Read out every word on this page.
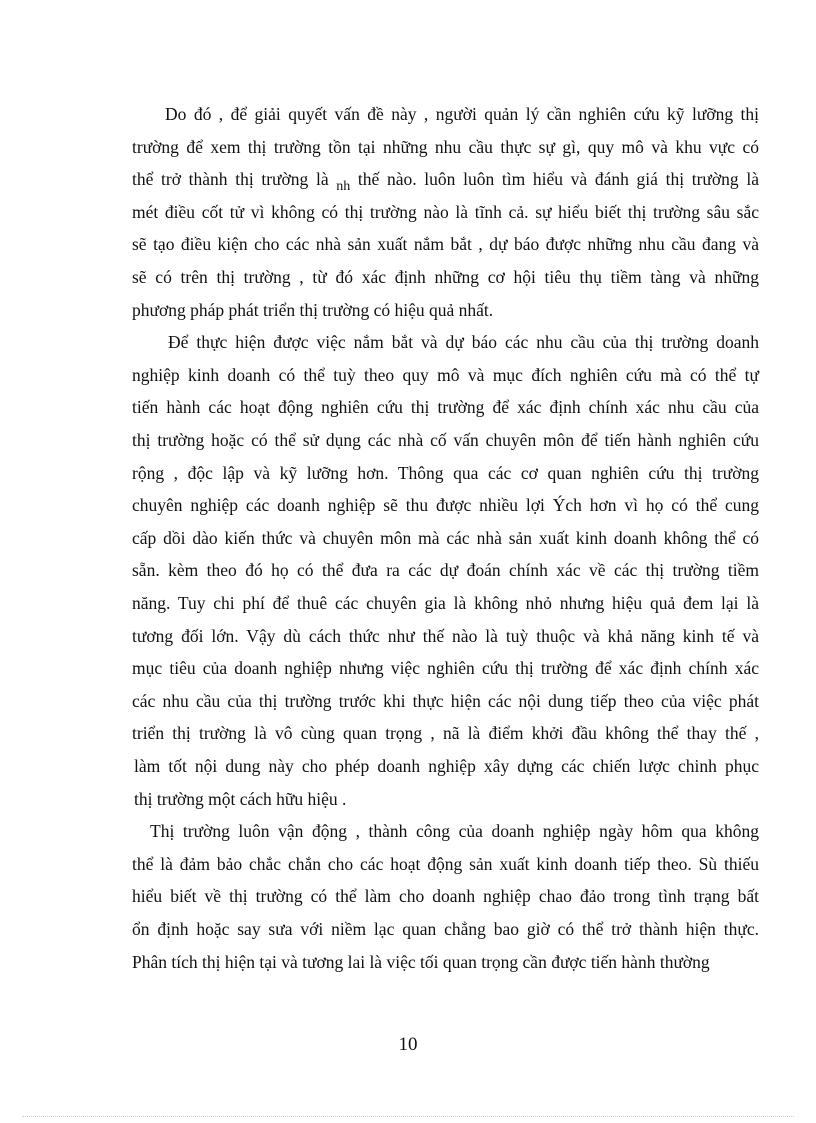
Do đó , để giải quyết vấn đề này , người quản lý cần nghiên cứu kỹ lưỡng thị
trường để xem thị trường tồn tại những nhu cầu thực sự gì, quy mô và khu vực có
thể trở thành thị trường là $_{nh}$ thế nào. luôn luôn tìm hiểu và đánh giá thị trường là
mét điều cốt tử vì không có thị trường nào là tĩnh cả. sự hiểu biết thị trường sâu sắc
sẽ tạo điều kiện cho các nhà sản xuất nắm bắt , dự báo được những nhu cầu đang và
sẽ có trên thị trường , từ đó xác định những cơ hội tiêu thụ tiềm tàng và những
phương pháp phát triển thị trường có hiệu quả nhất.
Để thực hiện được việc nắm bắt và dự báo các nhu cầu của thị trường doanh
nghiệp kinh doanh có thể tuỳ theo quy mô và mục đích nghiên cứu mà có thể tự
tiến hành các hoạt động nghiên cứu thị trường để xác định chính xác nhu cầu của
thị trường hoặc có thể sử dụng các nhà cố vấn chuyên môn để tiến hành nghiên cứu
rộng , độc lập và kỹ lưỡng hơn. Thông qua các cơ quan nghiên cứu thị trường
chuyên nghiệp các doanh nghiệp sẽ thu được nhiều lợi Ých hơn vì họ có thể cung
cấp dồi dào kiến thức và chuyên môn mà các nhà sản xuất kinh doanh không thể có
sẵn. kèm theo đó họ có thể đưa ra các dự đoán chính xác về các thị trường tiềm
năng. Tuy chi phí để thuê các chuyên gia là không nhỏ nhưng hiệu quả đem lại là
tương đối lớn. Vậy dù cách thức như thế nào là tuỳ thuộc và khả năng kinh tế và
mục tiêu của doanh nghiệp nhưng việc nghiên cứu thị trường để xác định chính xác
các nhu cầu của thị trường trước khi thực hiện các nội dung tiếp theo của việc phát
triển thị trường là vô cùng quan trọng , nã là điểm khởi đầu không thể thay thế ,
làm tốt nội dung này cho phép doanh nghiệp xây dựng các chiến lược chinh phục
thị trường một cách hữu hiệu .
Thị trường luôn vận động , thành công của doanh nghiệp ngày hôm qua không
thể là đảm bảo chắc chắn cho các hoạt động sản xuất kinh doanh tiếp theo. Sù thiếu
hiểu biết về thị trường có thể làm cho doanh nghiệp chao đảo trong tình trạng bất
ổn định hoặc say sưa với niềm lạc quan chẳng bao giờ có thể trở thành hiện thực.
Phân tích thị hiện tại và tương lai là việc tối quan trọng cần được tiến hành thường
10
